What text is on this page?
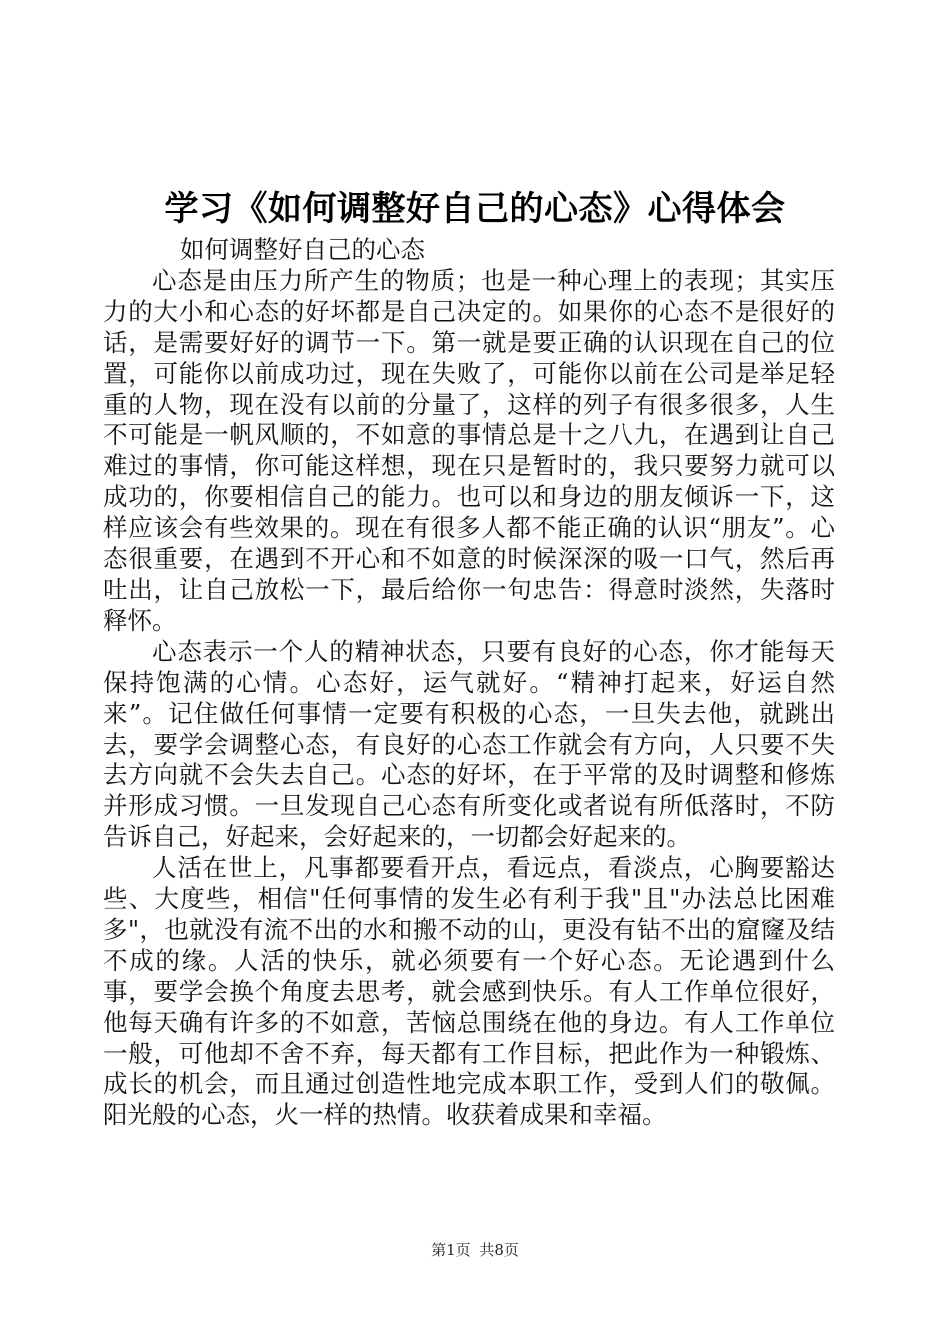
学习《如何调整好自己的心态》心得体会

如何调整好自己的心态

心态是由压力所产生的物质；也是一种心理上的表现；其实压力的大小和心态的好坏都是自己决定的。如果你的心态不是很好的话，是需要好好的调节一下。第一就是要正确的认识现在自己的位置，可能你以前成功过，现在失败了，可能你以前在公司是举足轻重的人物，现在没有以前的分量了，这样的列子有很多很多，人生不可能是一帆风顺的，不如意的事情总是十之八九，在遇到让自己难过的事情，你可能这样想，现在只是暂时的，我只要努力就可以成功的，你要相信自己的能力。也可以和身边的朋友倾诉一下，这样应该会有些效果的。现在有很多人都不能正确的认识“朋友”。心态很重要，在遇到不开心和不如意的时候深深的吸一口气，然后再吐出，让自己放松一下，最后给你一句忠告：得意时淡然，失落时释怀。

心态表示一个人的精神状态，只要有良好的心态，你才能每天保持饱满的心情。心态好，运气就好。“精神打起来，好运自然来”。记住做任何事情一定要有积极的心态，一旦失去他，就跳出去，要学会调整心态，有良好的心态工作就会有方向，人只要不失去方向就不会失去自己。心态的好坏，在于平常的及时调整和修炼并形成习惯。一旦发现自己心态有所变化或者说有所低落时，不防告诉自己，好起来，会好起来的，一切都会好起来的。

人活在世上，凡事都要看开点，看远点，看淡点，心胸要豁达些、大度些，相信"任何事情的发生必有利于我"且"办法总比困难多"，也就没有流不出的水和搬不动的山，更没有钻不出的窟窿及结不成的缘。人活的快乐，就必须要有一个好心态。无论遇到什么事，要学会换个角度去思考，就会感到快乐。有人工作单位很好，他每天确有许多的不如意，苦恼总围绕在他的身边。有人工作单位一般，可他却不舍不弃，每天都有工作目标，把此作为一种锻炼、成长的机会，而且通过创造性地完成本职工作，受到人们的敬佩。阳光般的心态，火一样的热情。收获着成果和幸福。

第1页 共8页
